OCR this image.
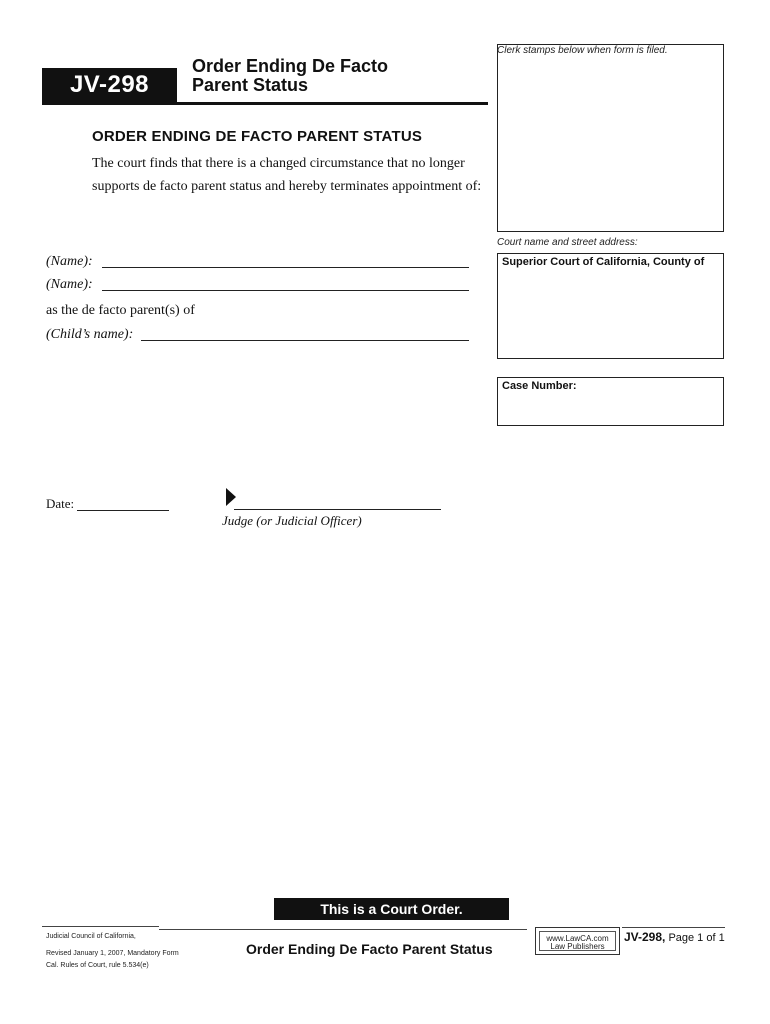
JV-298
Order Ending De Facto
Parent Status
Clerk stamps below when form is filed.
Court name and street address:
Superior Court of California, County of
Case Number:
ORDER ENDING DE FACTO PARENT STATUS
The court finds that there is a changed circumstance that no longer
supports de facto parent status and hereby terminates appointment of:
(Name):
(Name):
as the de facto parent(s) of
(Child’s name):
Date:
Judge (or Judicial Officer)
This is a Court Order.
Judicial Council of California,
Revised January 1, 2007, Mandatory Form
Cal. Rules of Court, rule 5.534(e)
Order Ending De Facto Parent Status
www.LawCA.com
Law Publishers
JV-298, Page 1 of 1
